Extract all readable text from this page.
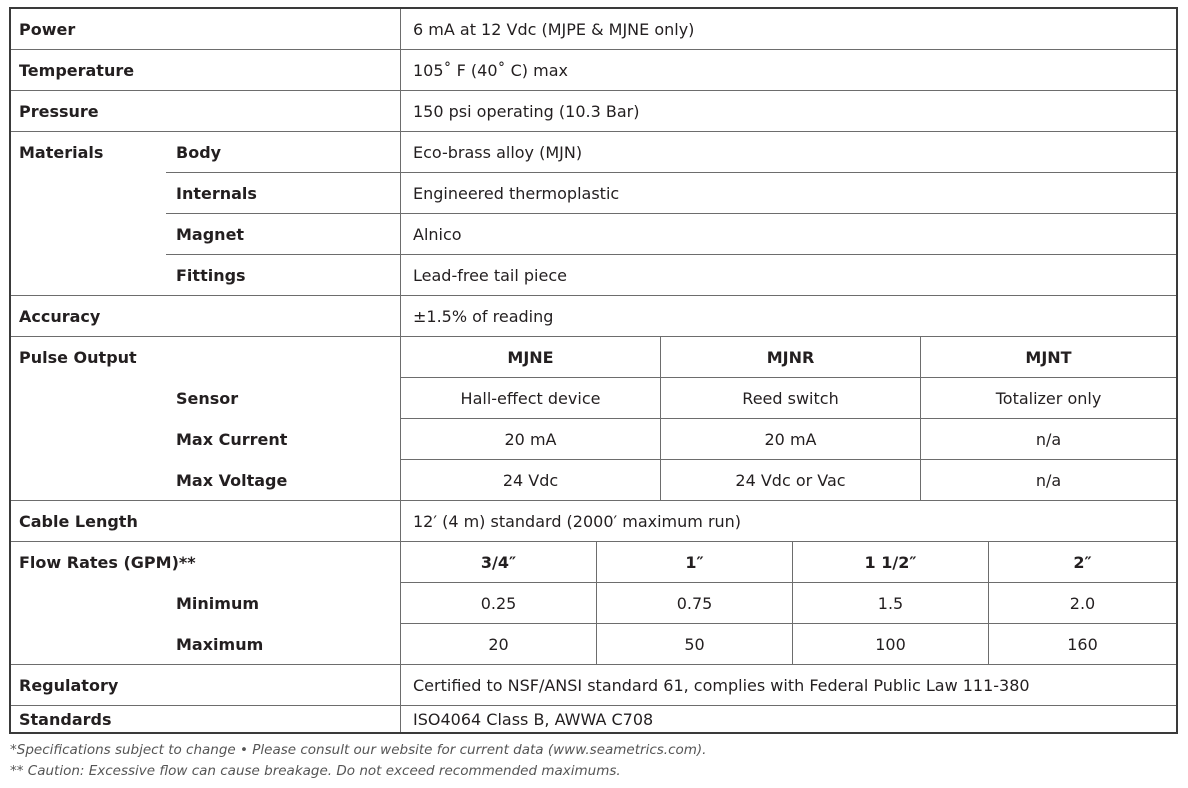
Power	6 mA at 12 Vdc (MJPE & MJNE only)
Temperature	105˚ F (40˚ C) max
Pressure	150 psi operating (10.3 Bar)
Materials	Body	Eco-brass alloy (MJN)
Internals	Engineered thermoplastic
Magnet	Alnico
Fittings	Lead-free tail piece
Accuracy	±1.5% of reading
Pulse Output	MJNE	MJNR	MJNT
Sensor	Hall-effect device	Reed switch	Totalizer only
Max Current	20 mA	20 mA	n/a
Max Voltage	24 Vdc	24 Vdc or Vac	n/a
Cable Length	12′ (4 m) standard (2000′ maximum run)
Flow Rates (GPM)**	3/4″	1″	1 1/2″	2″
Minimum	0.25	0.75	1.5	2.0
Maximum	20	50	100	160
Regulatory	Certified to NSF/ANSI standard 61, complies with Federal Public Law 111-380
Standards	ISO4064 Class B, AWWA C708
*Specifications subject to change • Please consult our website for current data (www.seametrics.com).
** Caution: Excessive flow can cause breakage. Do not exceed recommended maximums.
